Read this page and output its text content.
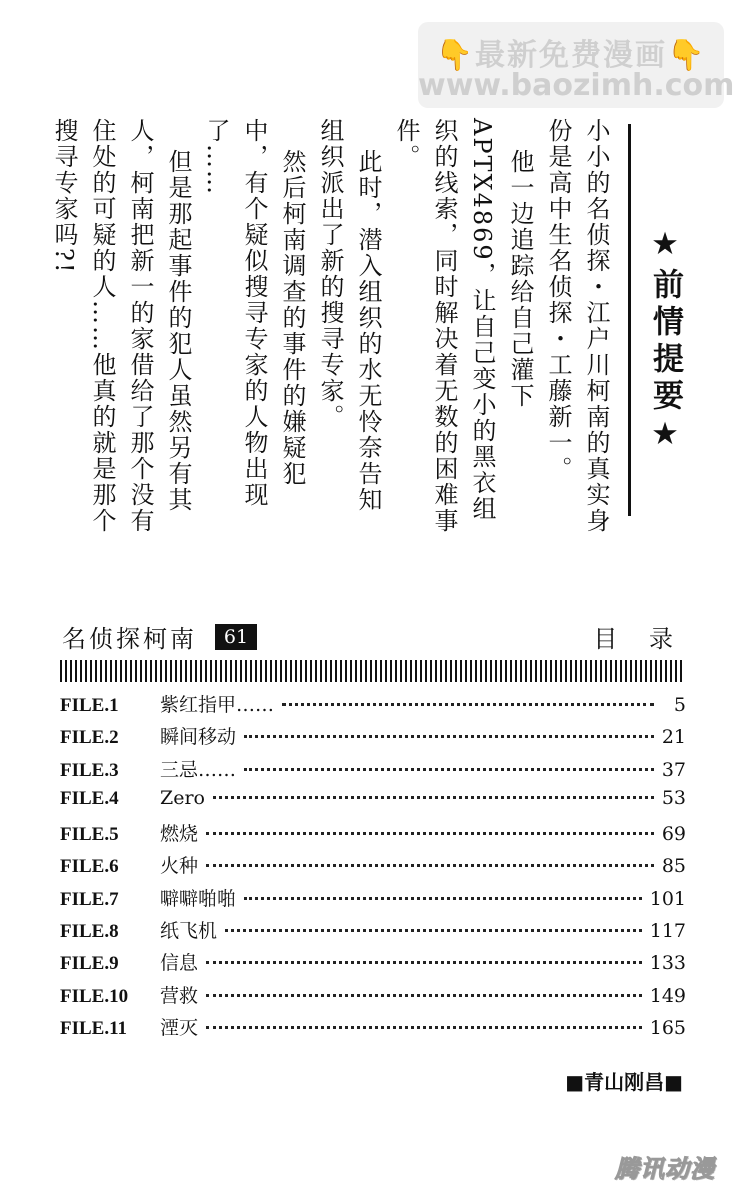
👇最新免费漫画👇
www.baozimh.com
★前情提要★

小小的名侦探・江户川柯南的真实身份是高中生名侦探・工藤新一。

他一边追踪给自己灌下 APTX4869，让自己变小的黑衣组织的线索，同时解决着无数的困难事件。

此时，潜入组织的水无怜奈告知组织派出了新的搜寻专家。

然后柯南调查的事件的嫌疑犯中，有个疑似搜寻专家的人物出现了……

但是那起事件的犯人虽然另有其人，柯南把新一的家借给了那个没有住处的可疑的人……他真的就是那个搜寻专家吗?!

名侦探柯南	61	目 录
FILE.1	紫红指甲……	5
FILE.2	瞬间移动	21
FILE.3	三忌……	37
FILE.4	Zero	53
FILE.5	燃烧	69
FILE.6	火种	85
FILE.7	噼噼啪啪	101
FILE.8	纸飞机	117
FILE.9	信息	133
FILE.10	营救	149
FILE.11	湮灭	165
■青山刚昌■
腾讯动漫
